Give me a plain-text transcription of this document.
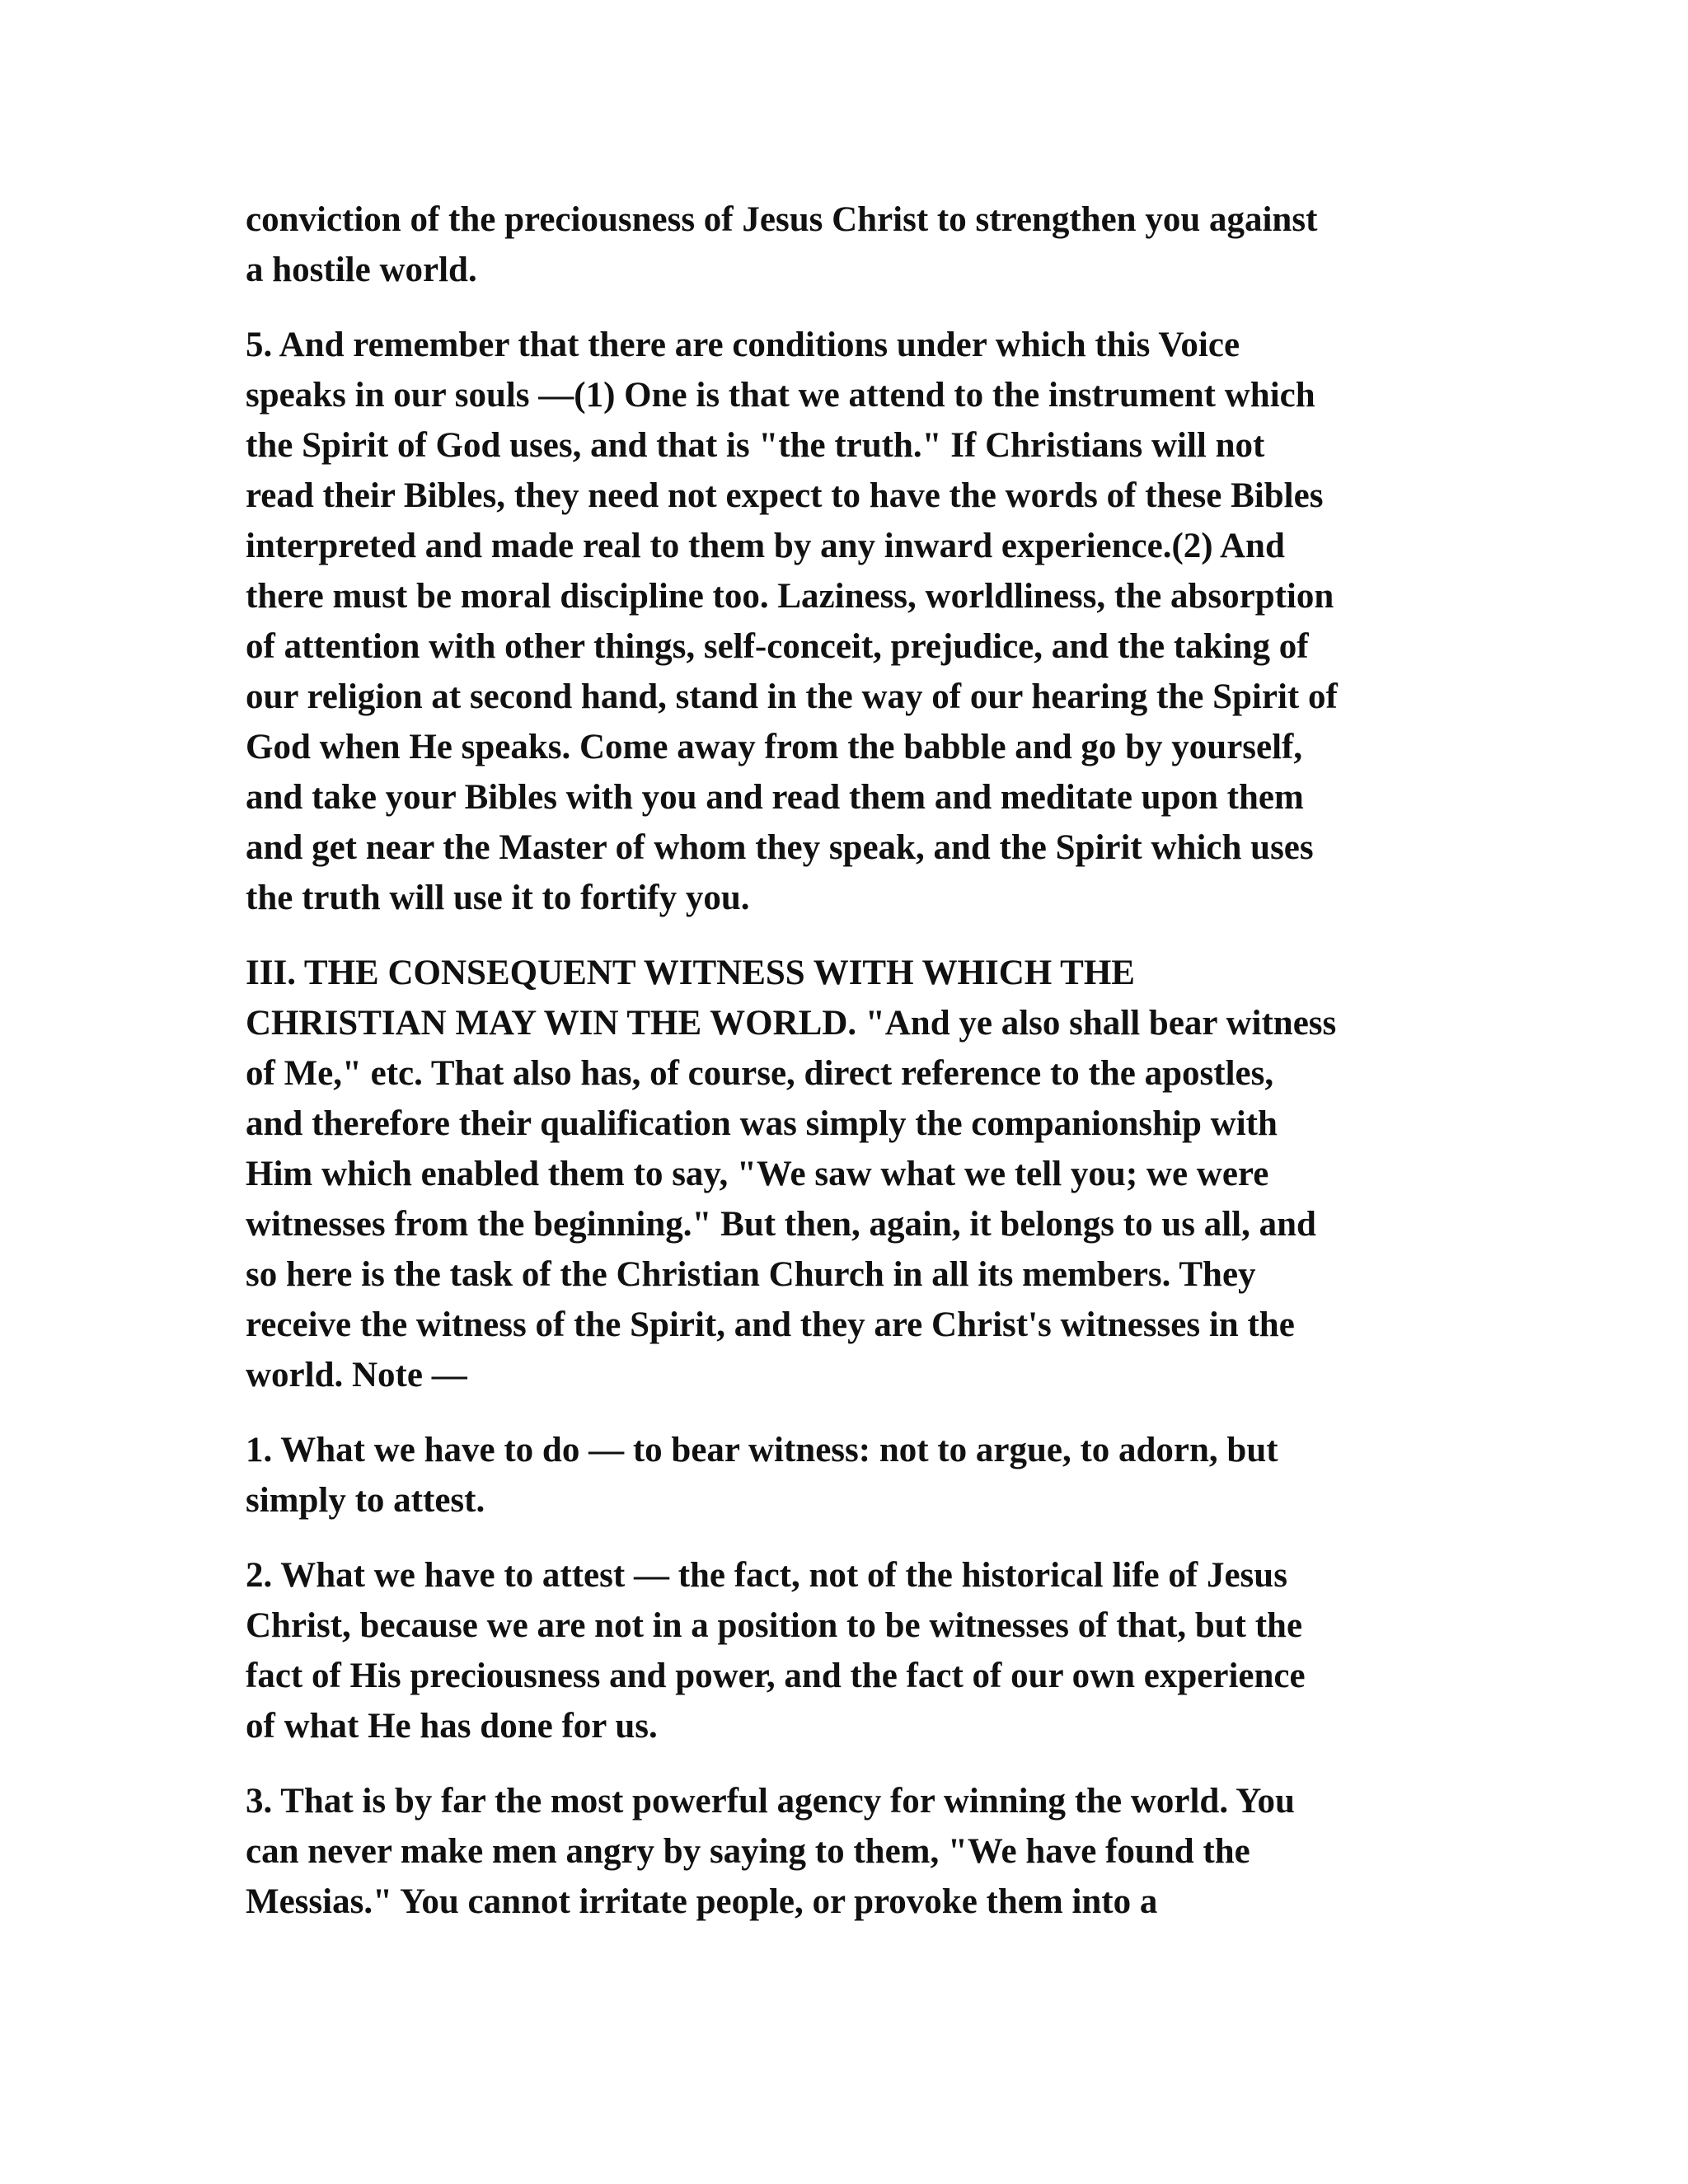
conviction of the preciousness of Jesus Christ to strengthen you against
a hostile world.

5. And remember that there are conditions under which this Voice
speaks in our souls —(1) One is that we attend to the instrument which
the Spirit of God uses, and that is "the truth." If Christians will not
read their Bibles, they need not expect to have the words of these Bibles
interpreted and made real to them by any inward experience.(2) And
there must be moral discipline too. Laziness, worldliness, the absorption
of attention with other things, self-conceit, prejudice, and the taking of
our religion at second hand, stand in the way of our hearing the Spirit of
God when He speaks. Come away from the babble and go by yourself,
and take your Bibles with you and read them and meditate upon them
and get near the Master of whom they speak, and the Spirit which uses
the truth will use it to fortify you.

III. THE CONSEQUENT WITNESS WITH WHICH THE
CHRISTIAN MAY WIN THE WORLD. "And ye also shall bear witness
of Me," etc. That also has, of course, direct reference to the apostles,
and therefore their qualification was simply the companionship with
Him which enabled them to say, "We saw what we tell you; we were
witnesses from the beginning." But then, again, it belongs to us all, and
so here is the task of the Christian Church in all its members. They
receive the witness of the Spirit, and they are Christ's witnesses in the
world. Note —

1. What we have to do — to bear witness: not to argue, to adorn, but
simply to attest.

2. What we have to attest — the fact, not of the historical life of Jesus
Christ, because we are not in a position to be witnesses of that, but the
fact of His preciousness and power, and the fact of our own experience
of what He has done for us.

3. That is by far the most powerful agency for winning the world. You
can never make men angry by saying to them, "We have found the
Messias." You cannot irritate people, or provoke them into a
